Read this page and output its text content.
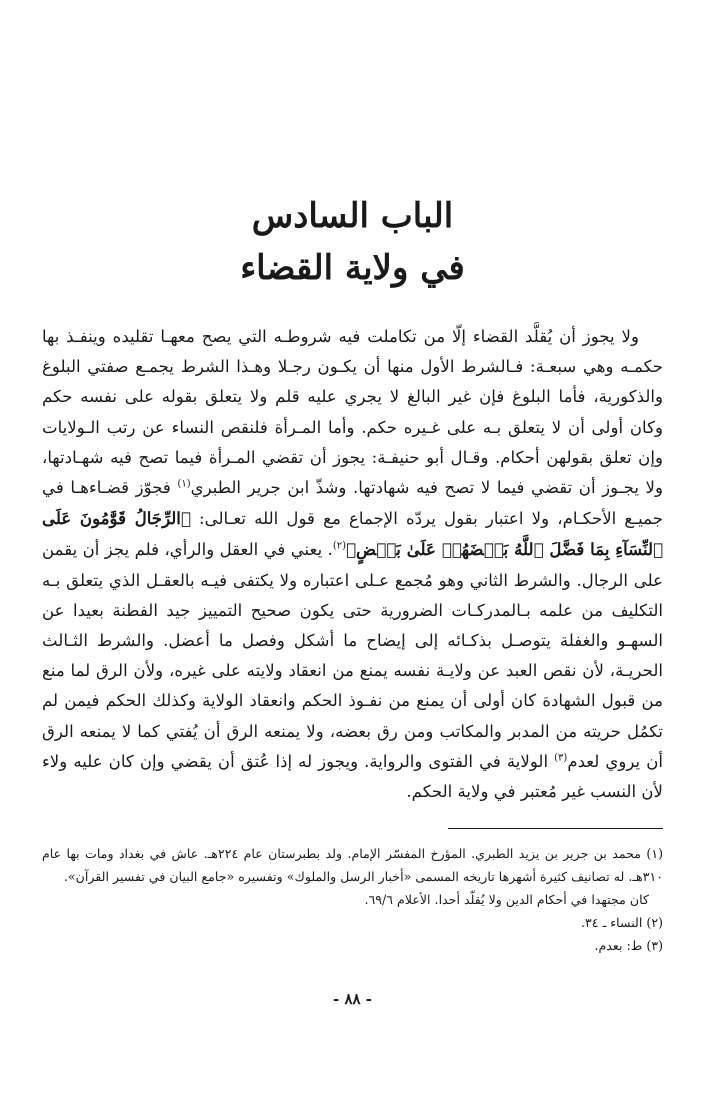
الباب السادس
في ولاية القضاء

ولا يجوز أن يُقلَّد القضاء إلّا من تكاملت فيه شروطـه التي يصح معهـا تقليده وينفـذ بها حكمـه وهي سبعـة: فـالشرط الأول منها أن يكـون رجـلا وهـذا الشرط يجمـع صفتي البلوغ والذكورية، فأما البلوغ فإن غير البالغ لا يجري عليه قلم ولا يتعلق بقوله على نفسه حكم وكان أولى أن لا يتعلق بـه على غـيره حكم. وأما المـرأة فلنقص النساء عن رتب الـولايات وإن تعلق بقولهن أحكام. وقـال أبو حنيفـة: يجوز أن تقضي المـرأة فيما تصح فيه شهـادتها، ولا يجـوز أن تقضي فيما لا تصح فيه شهادتها. وشذّ ابن جرير الطبري$^{(١)}$ فجوّز قضـاءهـا في جميـع الأحكـام، ولا اعتبار بقول يردّه الإجماع مع قول الله تعـالى: ﴿الرِّجَالُ قَوَّٰمُونَ عَلَى ٱلنِّسَآءِ بِمَا فَضَّلَ ٱللَّهُ بَعۡضَهُمۡ عَلَىٰ بَعۡضٍ﴾$^{(٢)}$. يعني في العقل والرأي، فلم يجز أن يقمن على الرجال. والشرط الثاني وهو مُجمع عـلى اعتباره ولا يكتفى فيـه بالعقـل الذي يتعلق بـه التكليف من علمه بـالمدركـات الضرورية حتى يكون صحيح التمييز جيد الفطنة بعيدا عن السهـو والغفلة يتوصـل بذكـائه إلى إيضاح ما أشكل وفصل ما أعضل. والشرط الثـالث الحريـة، لأن نقص العبد عن ولايـة نفسه يمنع من انعقاد ولايته على غيره، ولأن الرق لما منع من قبول الشهادة كان أولى أن يمنع من نفـوذ الحكم وانعقاد الولاية وكذلك الحكم فيمن لم تكمُل حريته من المدبر والمكاتب ومن رق بعضه، ولا يمنعه الرق أن يُفتي كما لا يمنعه الرق أن يروي لعدم$^{(٣)}$ الولاية في الفتوى والرواية. ويجوز له إذا عُتق أن يقضي وإن كان عليه ولاء لأن النسب غير مُعتبر في ولاية الحكم.

(١) محمد بن جرير بن يزيد الطبري. المؤرخ المفسّر الإمام. ولد بطبرستان عام ٢٢٤هـ. عاش في بغداد ومات بها عام ٣١٠هـ. له تصانيف كثيرة أشهرها تاريخه المسمى «أخبار الرسل والملوك» وتفسيره «جامع البيان في تفسير القرآن».

كان مجتهدا في أحكام الدين ولا يُقلّد أحدا. الأعلام ٦٩/٦.

(٢) النساء ـ ٣٤.

(٣) ط: بعدم.

- ٨٨ -
